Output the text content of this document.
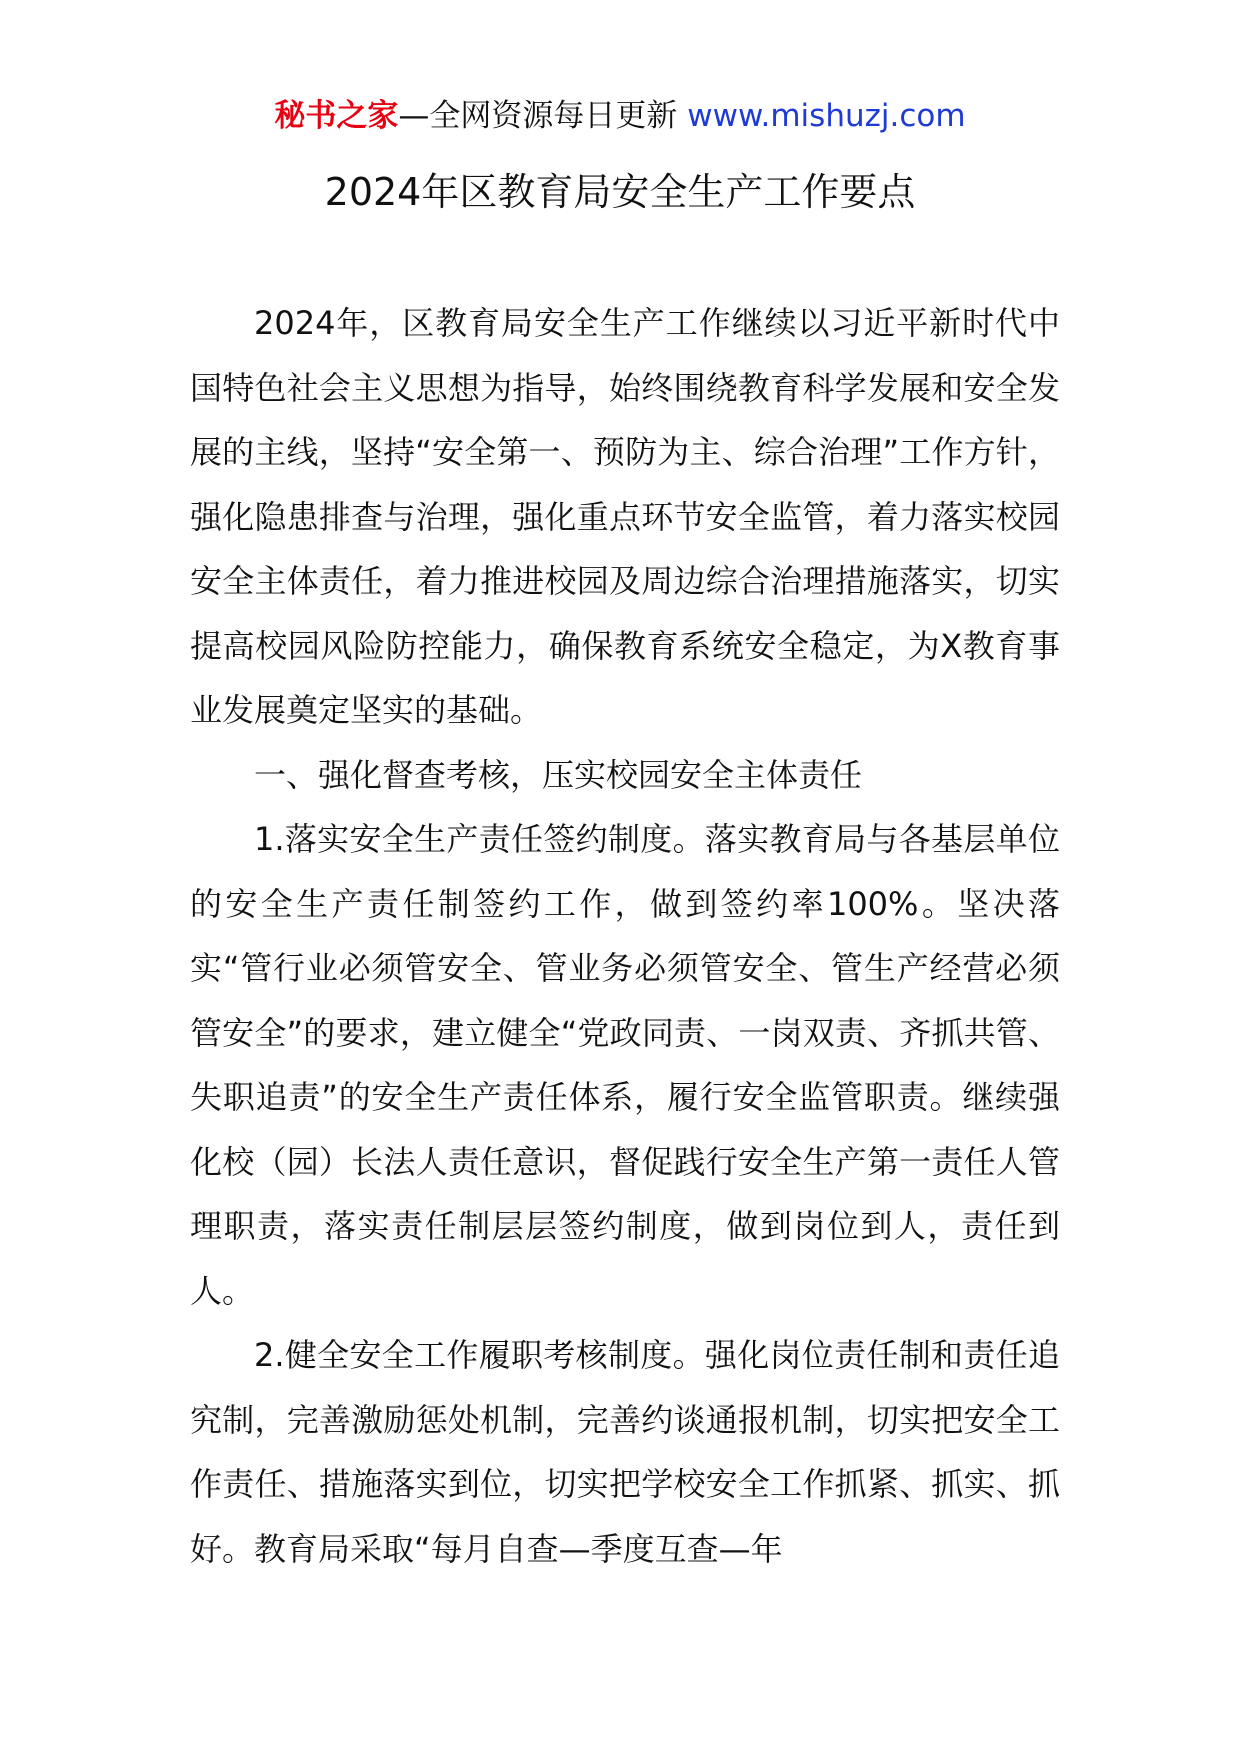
秘书之家—全网资源每日更新 www.mishuzj.com
2024年区教育局安全生产工作要点

2024年，区教育局安全生产工作继续以习近平新时代中国特色社会主义思想为指导，始终围绕教育科学发展和安全发展的主线，坚持“安全第一、预防为主、综合治理”工作方针，强化隐患排查与治理，强化重点环节安全监管，着力落实校园安全主体责任，着力推进校园及周边综合治理措施落实，切实提高校园风险防控能力，确保教育系统安全稳定，为X教育事业发展奠定坚实的基础。

一、强化督查考核，压实校园安全主体责任

1.落实安全生产责任签约制度。落实教育局与各基层单位的安全生产责任制签约工作，做到签约率100%。坚决落实“管行业必须管安全、管业务必须管安全、管生产经营必须管安全”的要求，建立健全“党政同责、一岗双责、齐抓共管、失职追责”的安全生产责任体系，履行安全监管职责。继续强化校（园）长法人责任意识，督促践行安全生产第一责任人管理职责，落实责任制层层签约制度，做到岗位到人，责任到人。

2.健全安全工作履职考核制度。强化岗位责任制和责任追究制，完善激励惩处机制，完善约谈通报机制，切实把安全工作责任、措施落实到位，切实把学校安全工作抓紧、抓实、抓好。教育局采取“每月自查—季度互查—年
